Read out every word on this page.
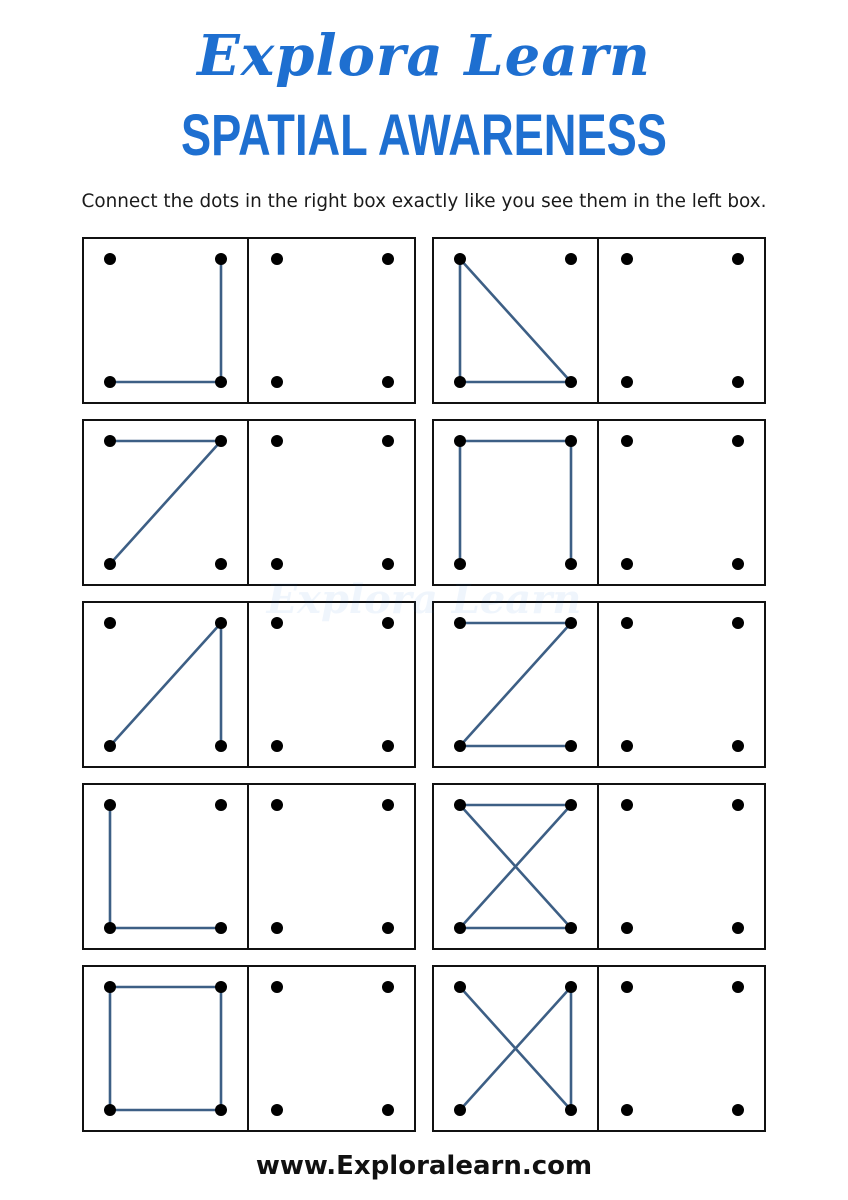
Explora Learn
SPATIAL AWARENESS
Connect the dots in the right box exactly like you see them in the left box.
Explora Learn
www.Exploralearn.com
